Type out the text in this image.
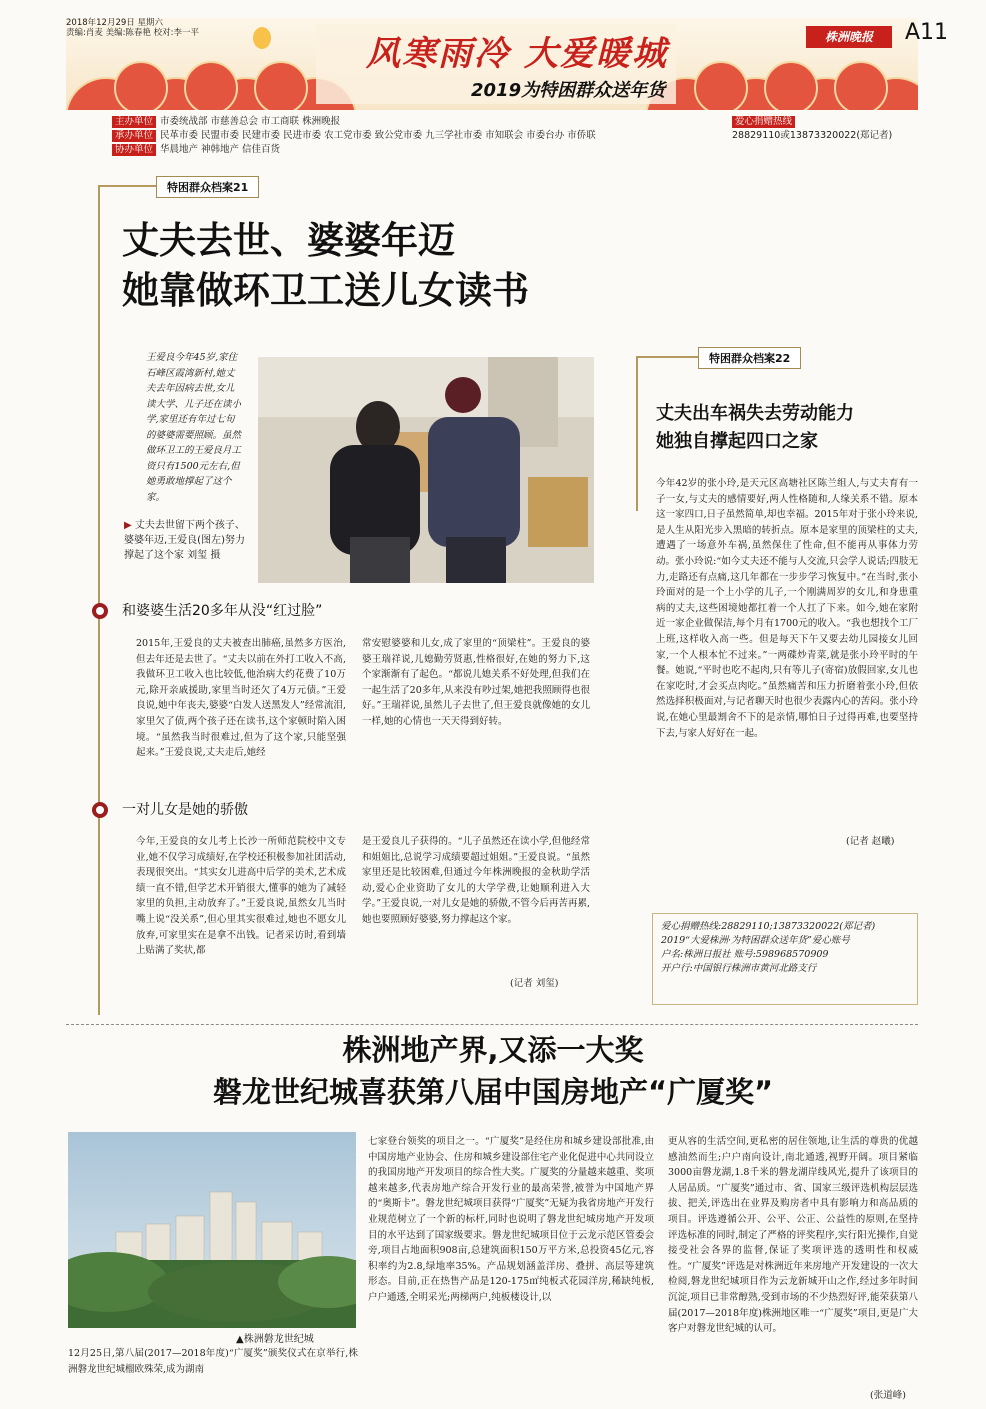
2018年12月29日 星期六
责编:肖麦 美编:陈春艳 校对:李一平
风寒雨冷 大爱暖城
2019为特困群众送年货
株洲晚报	A11
主办单位 市委统战部 市慈善总会 市工商联 株洲晚报
承办单位 民革市委 民盟市委 民建市委 民进市委 农工党市委 致公党市委 九三学社市委 市知联会 市委台办 市侨联
协办单位 华晨地产 神韩地产 信佳百货
爱心捐赠热线
28829110或13873320022(郑记者)
特困群众档案21
丈夫去世、婆婆年迈
她靠做环卫工送儿女读书
王爱良今年45岁,家住石峰区霞湾新村,她丈夫去年因病去世,女儿读大学、儿子还在读小学,家里还有年过七旬的婆婆需要照顾。虽然做环卫工的王爱良月工资只有1500元左右,但她勇敢地撑起了这个家。
▶ 丈夫去世留下两个孩子、婆婆年迈,王爱良(图左)努力撑起了这个家 刘玺 摄
和婆婆生活20多年从没“红过脸”
2015年,王爱良的丈夫被查出肺癌,虽然多方医治,但去年还是去世了。“丈夫以前在外打工收入不高,我做环卫工收入也比较低,他治病大约花费了10万元,除开亲戚援助,家里当时还欠了4万元债。”王爱良说,她中年丧夫,婆婆“白发人送黑发人”经常流泪,家里欠了债,两个孩子还在读书,这个家顿时陷入困境。“虽然我当时很难过,但为了这个家,只能坚强起来。”王爱良说,丈夫走后,她经
常安慰婆婆和儿女,成了家里的“顶梁柱”。王爱良的婆婆王瑞祥说,儿媳勤劳贤惠,性格很好,在她的努力下,这个家渐渐有了起色。“都说儿媳关系不好处理,但我们在一起生活了20多年,从来没有吵过架,她把我照顾得也很好。”王瑞祥说,虽然儿子去世了,但王爱良就像她的女儿一样,她的心情也一天天得到好转。
一对儿女是她的骄傲
今年,王爱良的女儿考上长沙一所师范院校中文专业,她不仅学习成绩好,在学校还积极参加社团活动,表现很突出。“其实女儿进高中后学的美术,艺术成绩一直不错,但学艺术开销很大,懂事的她为了减轻家里的负担,主动放弃了。”王爱良说,虽然女儿当时嘴上说“没关系”,但心里其实很难过,她也不愿女儿放弃,可家里实在是拿不出钱。记者采访时,看到墙上贴满了奖状,都
是王爱良儿子获得的。“儿子虽然还在读小学,但他经常和姐姐比,总说学习成绩要超过姐姐。”王爱良说。“虽然家里还是比较困难,但通过今年株洲晚报的金秋助学活动,爱心企业资助了女儿的大学学费,让她顺利进入大学。”王爱良说,一对儿女是她的骄傲,不管今后再苦再累,她也要照顾好婆婆,努力撑起这个家。
(记者 刘玺)
特困群众档案22
丈夫出车祸失去劳动能力
她独自撑起四口之家
今年42岁的张小玲,是天元区高塘社区陈兰组人,与丈夫育有一子一女,与丈夫的感情要好,两人性格随和,人缘关系不错。原本这一家四口,日子虽然简单,却也幸福。2015年对于张小玲来说,是人生从阳光步入黑暗的转折点。原本是家里的顶梁柱的丈夫,遭遇了一场意外车祸,虽然保住了性命,但不能再从事体力劳动。张小玲说:“如今丈夫还不能与人交流,只会学人说话;四肢无力,走路还有点痛,这几年都在一步步学习恢复中。”在当时,张小玲面对的是一个上小学的儿子,一个刚满周岁的女儿,和身患重病的丈夫,这些困境她都扛着一个人扛了下来。如今,她在家附近一家企业做保洁,每个月有1700元的收入。“我也想找个工厂上班,这样收入高一些。但是每天下午又要去幼儿园接女儿回家,一个人根本忙不过来。”一两碟炒青菜,就是张小玲平时的午餐。她说,“平时也吃不起肉,只有等儿子(寄宿)放假回家,女儿也在家吃时,才会买点肉吃。”虽然痛苦和压力折磨着张小玲,但依然选择积极面对,与记者聊天时也很少表露内心的苦闷。张小玲说,在她心里最割舍不下的是亲情,哪怕日子过得再难,也要坚持下去,与家人好好在一起。
(记者 赵曦)
爱心捐赠热线:28829110;13873320022(郑记者)
2019“大爱株洲·为特困群众送年货”爱心账号
户名:株洲日报社 账号:598968570909
开户行:中国银行株洲市黄河北路支行
株洲地产界,又添一大奖
磐龙世纪城喜获第八届中国房地产“广厦奖”
▲株洲磐龙世纪城
12月25日,第八届(2017—2018年度)“广厦奖”颁奖仪式在京举行,株洲磐龙世纪城榴欧殊荣,成为湖南
七家登台领奖的项目之一。“广厦奖”是经住房和城乡建设部批准,由中国房地产业协会、住房和城乡建设部住宅产业化促进中心共同设立的我国房地产开发项目的综合性大奖。广厦奖的分量越来越重、奖项越来越多,代表房地产综合开发行业的最高荣誉,被誉为中国地产界的“奥斯卡”。磐龙世纪城项目获得“广厦奖”无疑为我省房地产开发行业规范树立了一个新的标杆,同时也说明了磐龙世纪城房地产开发项目的水平达到了国家级要求。磐龙世纪城项目位于云龙示范区管委会旁,项目占地面积908亩,总建筑面积150万平方米,总投资45亿元,容积率约为2.8,绿地率35%。产品规划涵盖洋房、叠拼、高层等建筑形态。目前,正在热售产品是120-175㎡纯板式花园洋房,稀缺纯板,户户通透,全明采光;两梯两户,纯板楼设计,以
更从容的生活空间,更私密的居住领地,让生活的尊贵的优越感油然而生;户户南向设计,南北通透,视野开阔。项目紧临3000亩磐龙湖,1.8千米的磐龙湖岸线风光,提升了该项目的人居品质。“广厦奖”通过市、省、国家三级评选机构层层选拔、把关,评选出在业界及购房者中具有影响力和高品质的项目。评选遵循公开、公平、公正、公益性的原则,在坚持评选标准的同时,制定了严格的评奖程序,实行阳光操作,自觉接受社会各界的监督,保证了奖项评选的透明性和权威性。“广厦奖”评选是对株洲近年来房地产开发建设的一次大检阅,磐龙世纪城项目作为云龙新城开山之作,经过多年时间沉淀,项目已非常醇熟,受到市场的不少热烈好评,能荣获第八届(2017—2018年度)株洲地区唯一“广厦奖”项目,更是广大客户对磐龙世纪城的认可。
(张道峰)
